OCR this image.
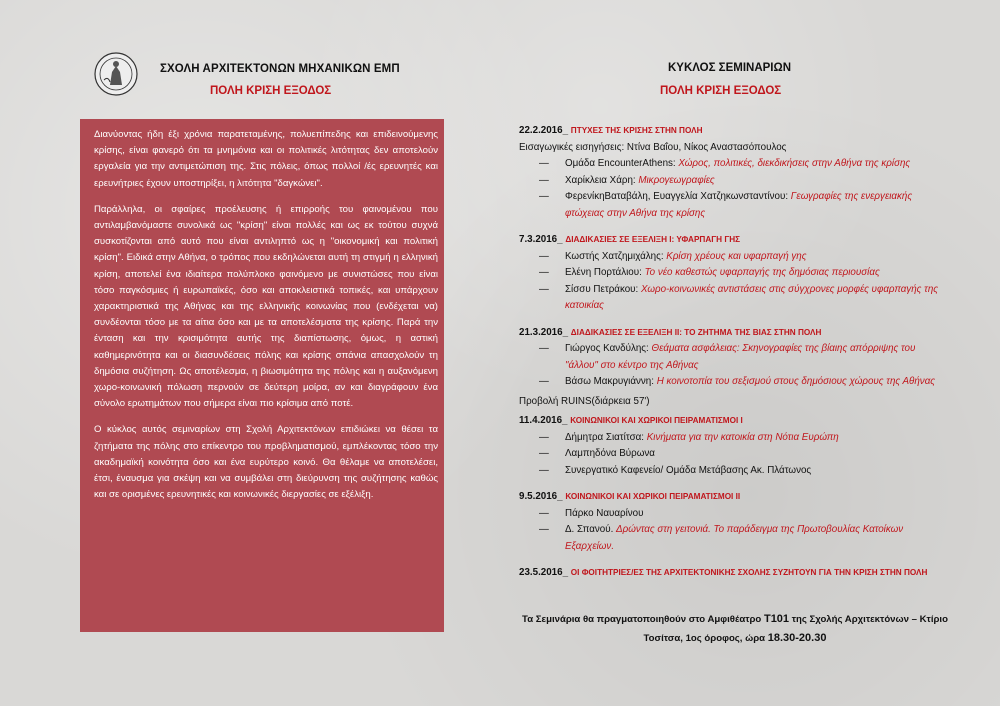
ΣΧΟΛΗ ΑΡΧΙΤΕΚΤΟΝΩΝ ΜΗΧΑΝΙΚΩΝ ΕΜΠ
ΠΟΛΗ ΚΡΙΣΗ ΕΞΟΔΟΣ

Διανύοντας ήδη έξι χρόνια παρατεταμένης, πολυεπίπεδης και επιδεινούμενης κρίσης, είναι φανερό ότι τα μνημόνια και οι πολιτικές λιτότητας δεν αποτελούν εργαλεία για την αντιμετώπιση της. Στις πόλεις, όπως πολλοί /ές ερευνητές και ερευνήτριες έχουν υποστηρίξει, η λιτότητα "δαγκώνει".

Παράλληλα, οι σφαίρες προέλευσης ή επιρροής του φαινομένου που αντιλαμβανόμαστε συνολικά ως "κρίση" είναι πολλές και ως εκ τούτου συχνά συσκοτίζονται από αυτό που είναι αντιληπτό ως η "οικονομική και πολιτική κρίση". Ειδικά στην Αθήνα, ο τρόπος που εκδηλώνεται αυτή τη στιγμή η ελληνική κρίση, αποτελεί ένα ιδιαίτερα πολύπλοκο φαινόμενο με συνιστώσες που είναι τόσο παγκόσμιες ή ευρωπαϊκές, όσο και αποκλειστικά τοπικές, και υπάρχουν χαρακτηριστικά της Αθήνας και της ελληνικής κοινωνίας που (ενδέχεται να) συνδέονται τόσο με τα αίτια όσο και με τα αποτελέσματα της κρίσης. Παρά την ένταση και την κρισιμότητα αυτής της διαπίστωσης, όμως, η αστική καθημερινότητα και οι διασυνδέσεις πόλης και κρίσης σπάνια απασχολούν τη δημόσια συζήτηση. Ως αποτέλεσμα, η βιωσιμότητα της πόλης και η αυξανόμενη χωρο-κοινωνική πόλωση περνούν σε δεύτερη μοίρα, αν και διαγράφουν ένα σύνολο ερωτημάτων που σήμερα είναι πιο κρίσιμα από ποτέ.

Ο κύκλος αυτός σεμιναρίων στη Σχολή Αρχιτεκτόνων επιδιώκει να θέσει τα ζητήματα της πόλης στο επίκεντρο του προβληματισμού, εμπλέκοντας τόσο την ακαδημαϊκή κοινότητα όσο και ένα ευρύτερο κοινό. Θα θέλαμε να αποτελέσει, έτσι, έναυσμα για σκέψη και να συμβάλει στη διεύρυνση της συζήτησης καθώς και σε ορισμένες ερευνητικές και κοινωνικές διεργασίες σε εξέλιξη.

ΚΥΚΛΟΣ ΣΕΜΙΝΑΡΙΩΝ
ΠΟΛΗ ΚΡΙΣΗ ΕΞΟΔΟΣ
22.2.2016_ ΠΤΥΧΕΣ ΤΗΣ ΚΡΙΣΗΣ ΣΤΗΝ ΠΟΛΗ
Εισαγωγικές εισηγήσεις: Ντίνα Βαΐου, Νίκος Αναστασόπουλος
— Ομάδα EncounterAthens: Χώρος, πολιτικές, διεκδικήσεις στην Αθήνα της κρίσης
— Χαρίκλεια Χάρη: Μικρογεωγραφίες
— ΦερενίκηΒαταβάλη, Ευαγγελία Χατζηκωνσταντίνου: Γεωγραφίες της ενεργειακής φτώχειας στην Αθήνα της κρίσης
7.3.2016_ ΔΙΑΔΙΚΑΣΙΕΣ ΣΕ ΕΞΕΛΙΞΗ Ι: ΥΦΑΡΠΑΓΗ ΓΗΣ
— Κωστής Χατζημιχάλης: Κρίση χρέους και υφαρπαγή γης
— Ελένη Πορτάλιου: Το νέο καθεστώς υφαρπαγής της δημόσιας περιουσίας
— Σίσσυ Πετράκου: Χωρο-κοινωνικές αντιστάσεις στις σύγχρονες μορφές υφαρπαγής της κατοικίας
21.3.2016_ ΔΙΑΔΙΚΑΣΙΕΣ ΣΕ ΕΞΕΛΙΞΗ ΙΙ: ΤΟ ΖΗΤΗΜΑ ΤΗΣ ΒΙΑΣ ΣΤΗΝ ΠΟΛΗ
— Γιώργος Κανδύλης: Θεάματα ασφάλειας: Σκηνογραφίες της βίαιης απόρριψης του "άλλου" στο κέντρο της Αθήνας
— Βάσω Μακρυγιάννη: Η κοινοτοπία του σεξισμού στους δημόσιους χώρους της Αθήνας
Προβολή RUINS(διάρκεια 57')
11.4.2016_ ΚΟΙΝΩΝΙΚΟΙ ΚΑΙ ΧΩΡΙΚΟΙ ΠΕΙΡΑΜΑΤΙΣΜΟΙ Ι
— Δήμητρα Σιατίτσα: Κινήματα για την κατοικία στη Νότια Ευρώπη
— Λαμπηδόνα Βύρωνα
— Συνεργατικό Καφενείο/ Ομάδα Μετάβασης Ακ. Πλάτωνος
9.5.2016_ ΚΟΙΝΩΝΙΚΟΙ ΚΑΙ ΧΩΡΙΚΟΙ ΠΕΙΡΑΜΑΤΙΣΜΟΙ ΙΙ
— Πάρκο Ναυαρίνου
— Δ. Σπανού. Δρώντας στη γειτονιά. Το παράδειγμα της Πρωτοβουλίας Κατοίκων Εξαρχείων.
23.5.2016_ ΟΙ ΦΟΙΤΗΤΡΙΕΣ/ΕΣ ΤΗΣ ΑΡΧΙΤΕΚΤΟΝΙΚΗΣ ΣΧΟΛΗΣ ΣΥΖΗΤΟΥΝ ΓΙΑ ΤΗΝ ΚΡΙΣΗ ΣΤΗΝ ΠΟΛΗ
Τα Σεμινάρια θα πραγματοποιηθούν στο Αμφιθέατρο Τ101 της Σχολής Αρχιτεκτόνων – Κτίριο Τοσίτσα, 1ος όροφος, ώρα 18.30-20.30
